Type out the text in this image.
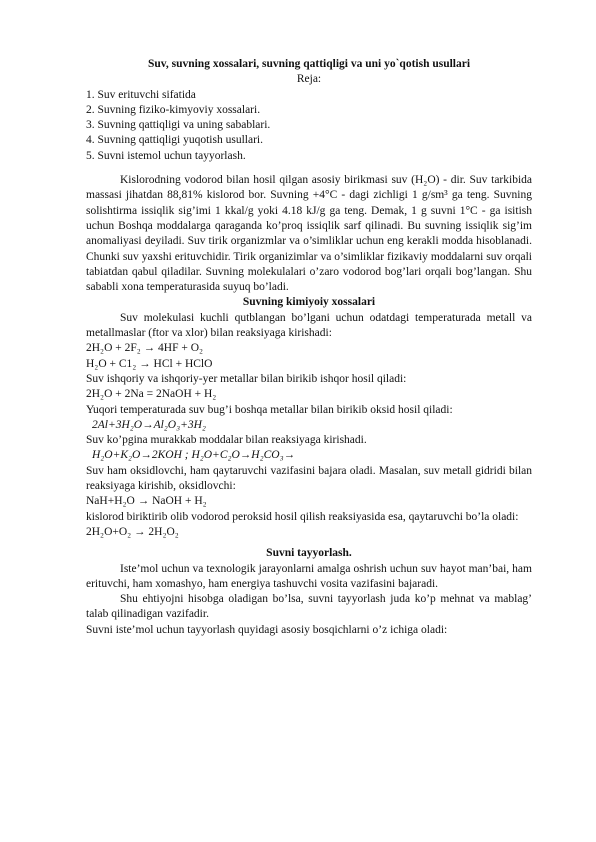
Suv, suvning xossalari, suvning qattiqligi va uni yo`qotish usullari

Reja:

1. Suv erituvchi sifatida

2. Suvning fiziko-kimyoviy xossalari.

3. Suvning qattiqligi va uning sabablari.

4. Suvning qattiqligi yuqotish usullari.

5. Suvni istemol uchun tayyorlash.

Kislorodning vodorod bilan hosil qilgan asosiy birikmasi suv (H₂O) - dir. Suv tarkibida massasi jihatdan 88,81% kislorod bor. Suvning +4°C - dagi zichligi 1 g/sm³ ga teng. Suvning solishtirma issiqlik sig’imi 1 kkal/g yoki 4.18 kJ/g ga teng. Demak, 1 g suvni 1°C - ga isitish uchun Boshqa moddalarga qaraganda ko’proq issiqlik sarf qilinadi. Bu suvning issiqlik sig’im anomaliyasi deyiladi. Suv tirik organizmlar va o’simliklar uchun eng kerakli modda hisoblanadi. Chunki suv yaxshi erituvchidir. Tirik organizimlar va o’simliklar fizikaviy moddalarni suv orqali tabiatdan qabul qiladilar. Suvning molekulalari o’zaro vodorod bog’lari orqali bog’langan. Shu sababli xona temperaturasida suyuq bo’ladi.

Suvning kimiyoiy xossalari

Suv molekulasi kuchli qutblangan bo’lgani uchun odatdagi temperaturada metall va metallmaslar (ftor va xlor) bilan reaksiyaga kirishadi:

2H₂O + 2F₂ → 4HF + O₂

H₂O + C1₂ → HCl + HClO

Suv ishqoriy va ishqoriy-yer metallar bilan birikib ishqor hosil qiladi:

2H₂O + 2Na = 2NaOH + H₂

Yuqori temperaturada suv bug’i boshqa metallar bilan birikib oksid hosil qiladi:

2Al+3H₂O→Al₂O₃+3H₂

Suv ko’pgina murakkab moddalar bilan reaksiyaga kirishadi.

H₂O+K₂O→2KOH ; H₂O+C₂O→H₂CO₃→

Suv ham oksidlovchi, ham qaytaruvchi vazifasini bajara oladi. Masalan, suv metall gidridi bilan reaksiyaga kirishib, oksidlovchi:

NaH+H₂O → NaOH + H₂

kislorod biriktirib olib vodorod peroksid hosil qilish reaksiyasida esa, qaytaruvchi bo’la oladi:

2H₂O+O₂ → 2H₂O₂

Suvni tayyorlash.

Iste’mol uchun va texnologik jarayonlarni amalga oshrish uchun suv hayot man’bai, ham erituvchi, ham xomashyo, ham energiya tashuvchi vosita vazifasini bajaradi.

Shu ehtiyojni hisobga oladigan bo’lsa, suvni tayyorlash juda ko’p mehnat va mablag’ talab qilinadigan vazifadir.

Suvni iste’mol uchun tayyorlash quyidagi asosiy bosqichlarni o’z ichiga oladi:
